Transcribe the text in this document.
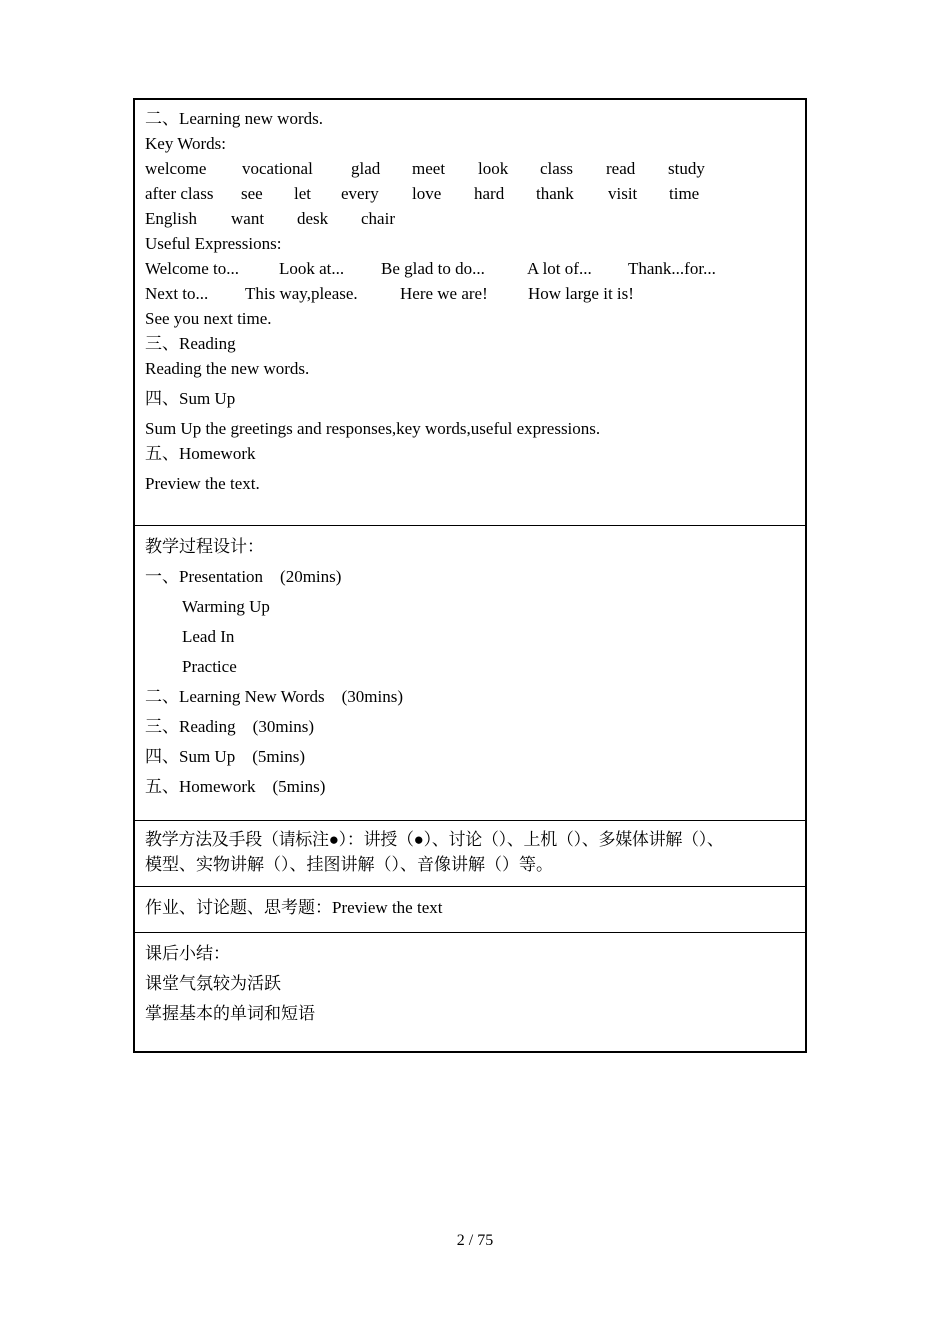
二、Learning new words.
Key Words:
welcome vocational glad meet look class read study
after class see let every love hard thank visit time
English want desk chair
Useful Expressions:
Welcome to... Look at... Be glad to do... A lot of... Thank...for...
Next to... This way,please. Here we are! How large it is!
See you next time.
三、Reading
Reading the new words.
四、Sum Up
Sum Up the greetings and responses,key words,useful expressions.
五、Homework
Preview the text.
教学过程设计：
一、Presentation　(20mins)
Warming Up
Lead In
Practice
二、Learning New Words　(30mins)
三、Reading　(30mins)
四、Sum Up　(5mins)
五、Homework　(5mins)
教学方法及手段（请标注●）：讲授（●）、讨论（）、上机（）、多媒体讲解（）、
模型、实物讲解（）、挂图讲解（）、音像讲解（）等。
作业、讨论题、思考题：Preview the text
课后小结：
课堂气氛较为活跃
掌握基本的单词和短语
2 / 75
